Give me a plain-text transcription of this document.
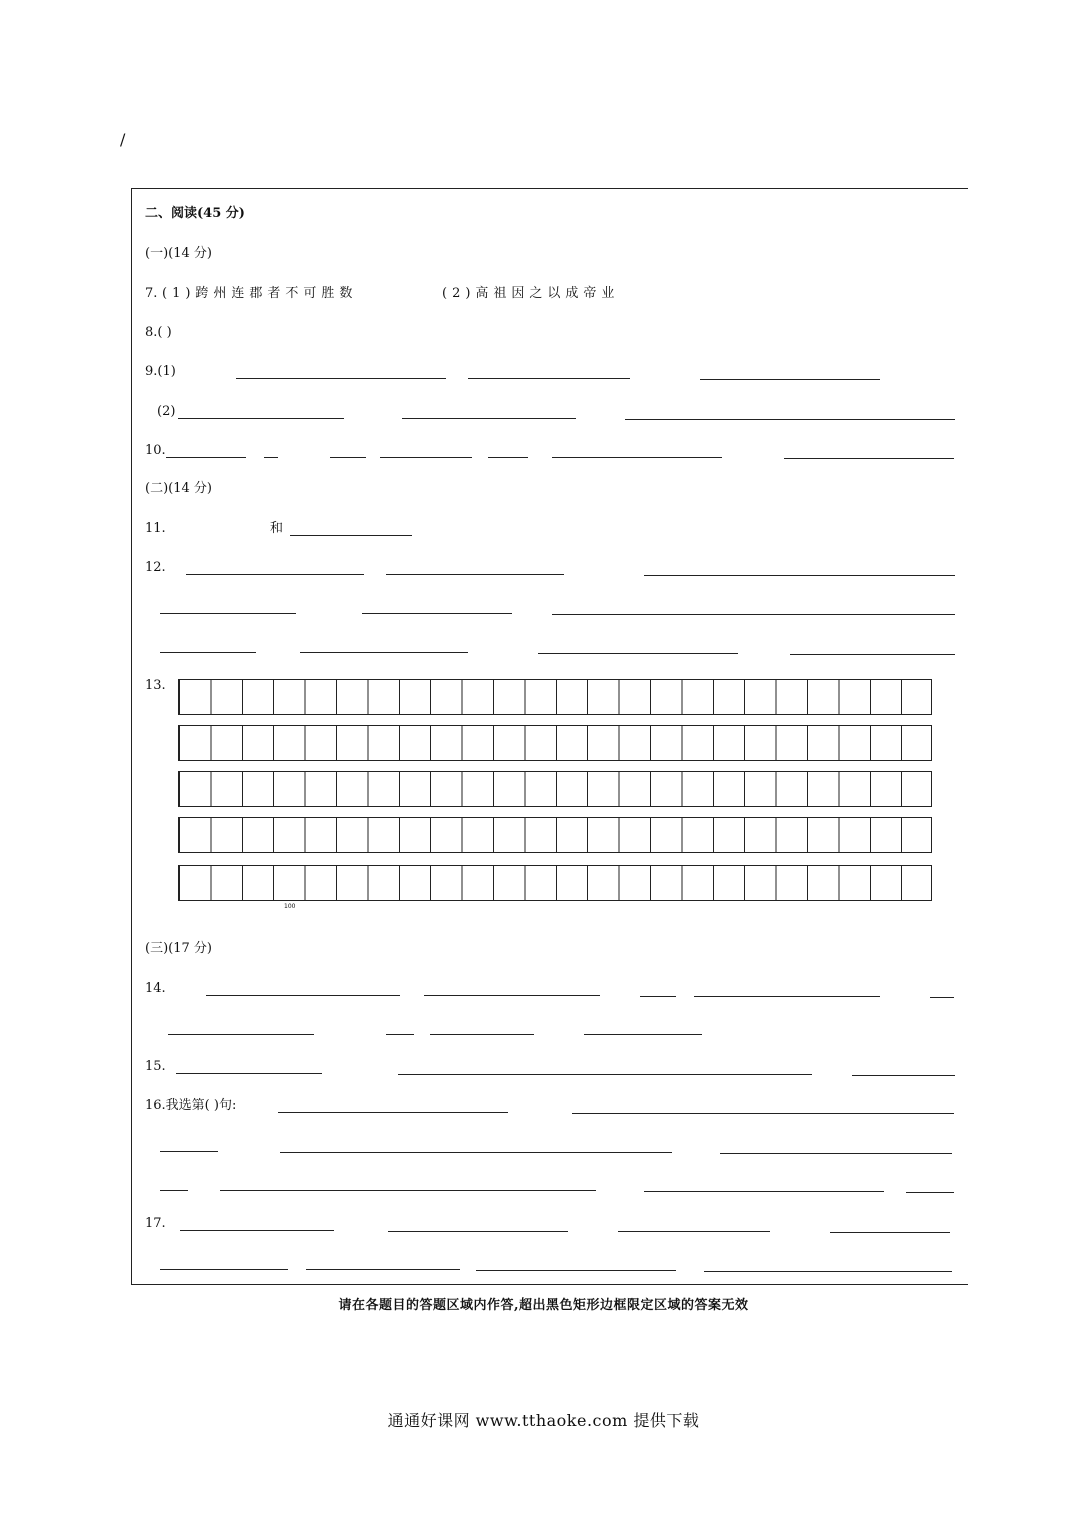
/
二、阅读(45 分)
(一)(14 分)
7. (1)跨州连郡者不可胜数	(2)高祖因之以成帝业
8.( )
9.(1)
(2)
10.
(二)(14 分)
11.	和
12.
13.
100
(三)(17 分)
14.
15.
16.我选第( )句:
17.
请在各题目的答题区域内作答,超出黑色矩形边框限定区域的答案无效
通通好课网 www.tthaoke.com 提供下载
